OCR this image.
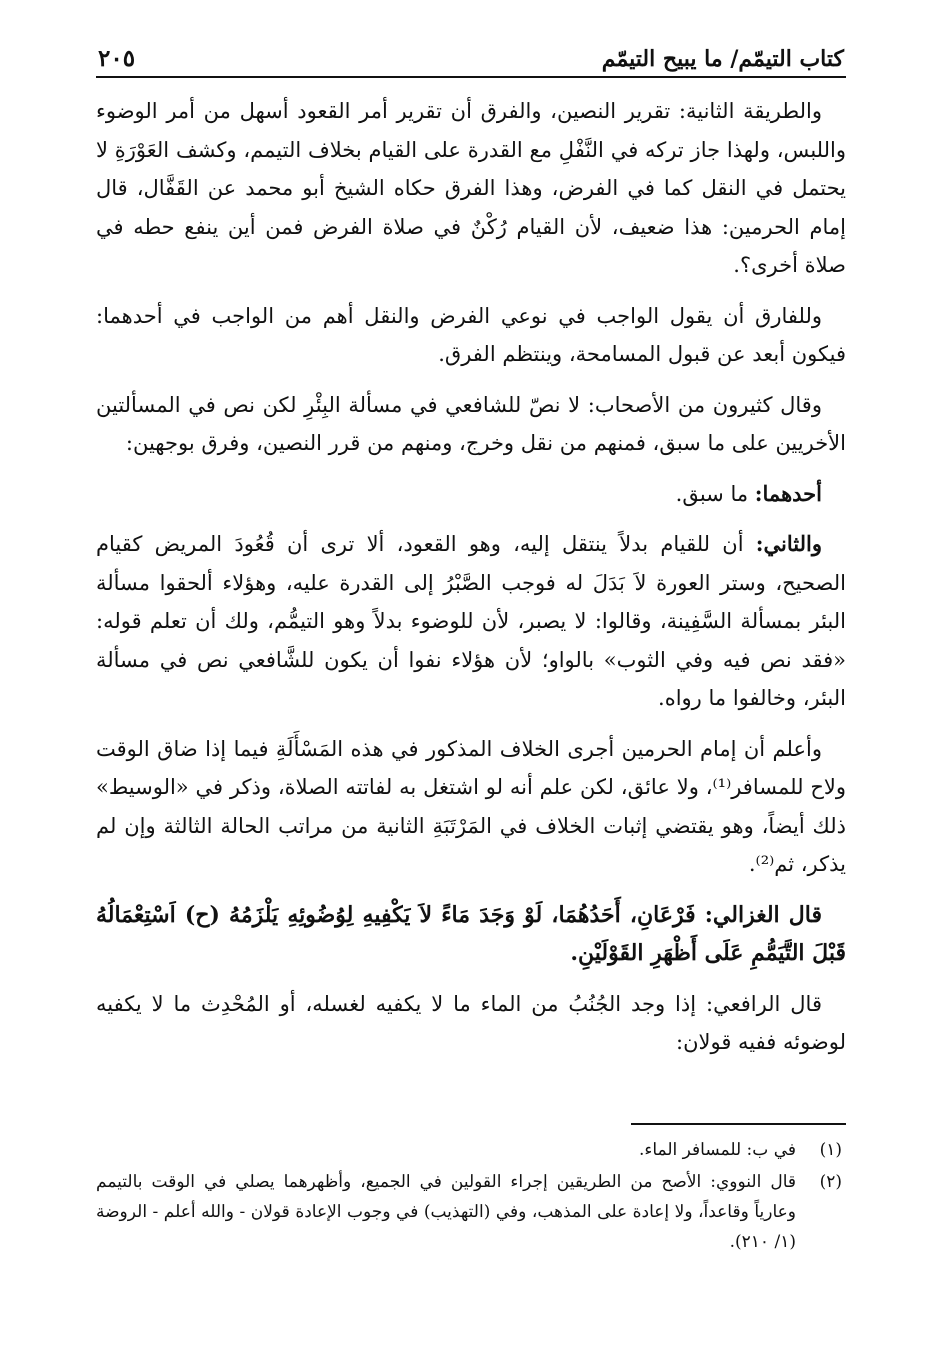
كتاب التيمّم/ ما يبيح التيمّم
٢٠٥

والطريقة الثانية: تقرير النصين، والفرق أن تقرير أمر القعود أسهل من أمر الوضوء واللبس، ولهذا جاز تركه في النَّفْلِ مع القدرة على القيام بخلاف التيمم، وكشف العَوْرَةِ لا يحتمل في النقل كما في الفرض، وهذا الفرق حكاه الشيخ أبو محمد عن القَفَّال، قال إمام الحرمين: هذا ضعيف، لأن القيام رُكْنٌ في صلاة الفرض فمن أين ينفع حطه في صلاة أخرى؟.

وللفارق أن يقول الواجب في نوعي الفرض والنقل أهم من الواجب في أحدهما: فيكون أبعد عن قبول المسامحة، وينتظم الفرق.

وقال كثيرون من الأصحاب: لا نصّ للشافعي في مسألة البِئْرِ لكن نص في المسألتين الأخريين على ما سبق، فمنهم من نقل وخرج، ومنهم من قرر النصين، وفرق بوجهين:

أحدهما: ما سبق.

والثاني: أن للقيام بدلاً ينتقل إليه، وهو القعود، ألا ترى أن قُعُودَ المريض كقيام الصحيح، وستر العورة لاَ بَدَلَ له فوجب الصَّبْرُ إلى القدرة عليه، وهؤلاء ألحقوا مسألة البئر بمسألة السَّفِينة، وقالوا: لا يصبر، لأن للوضوء بدلاً وهو التيمُّم، ولك أن تعلم قوله: «فقد نص فيه وفي الثوب» بالواو؛ لأن هؤلاء نفوا أن يكون للشَّافعي نص في مسألة البئر، وخالفوا ما رواه.

وأعلم أن إمام الحرمين أجرى الخلاف المذكور في هذه المَسْأَلَةِ فيما إذا ضاق الوقت ولاح للمسافر⁽¹⁾، ولا عائق، لكن علم أنه لو اشتغل به لفاتته الصلاة، وذكر في «الوسيط» ذلك أيضاً، وهو يقتضي إثبات الخلاف في المَرْتَبَةِ الثانية من مراتب الحالة الثالثة وإن لم يذكر، ثم⁽²⁾.

قال الغزالي: فَرْعَانِ، أَحَدُهُمَا، لَوْ وَجَدَ مَاءً لاَ يَكْفِيهِ لِوُضُوئِهِ يَلْزَمُهُ (ح) اَسْتِعْمَالُهُ قَبْلَ التَّيَمُّمِ عَلَى أَظْهَرِ القَوْلَيْنِ.

قال الرافعي: إذا وجد الجُنُبُ من الماء ما لا يكفيه لغسله، أو المُحْدِث ما لا يكفيه لوضوئه ففيه قولان:

(١)
في ب: للمسافر الماء.
(٢)
قال النووي: الأصح من الطريقين إجراء القولين في الجميع، وأظهرهما يصلي في الوقت بالتيمم وعارياً وقاعداً، ولا إعادة على المذهب، وفي (التهذيب) في وجوب الإعادة قولان - والله أعلم - الروضة (١/ ٢١٠).
